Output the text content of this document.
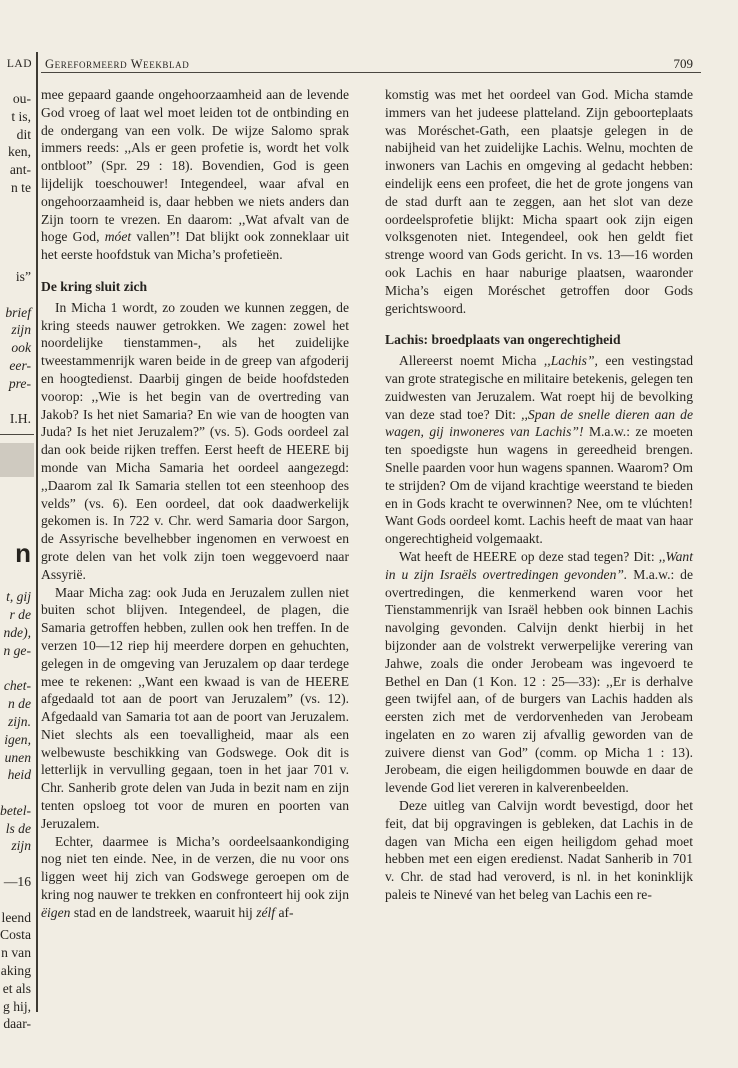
LAD
ou-
t is,
dit
ken,
ant-
n te
is”
brief
zijn
ook
eer-
pre-
I.H.
n
t, gij
r de
nde),
n ge-
chet-
n de
zijn.
igen,
unen
heid
betel-
ls de
zijn
—16
leend
Costa
n van
aking
et als
g hij,
daar-
Gereformeerd Weekblad	709

mee gepaard gaande ongehoorzaamheid aan de levende God vroeg of laat wel moet leiden tot de ontbinding en de ondergang van een volk. De wijze Salomo sprak immers reeds: ,,Als er geen profetie is, wordt het volk ontbloot” (Spr. 29 : 18). Bovendien, God is geen lijdelijk toeschouwer! Integendeel, waar afval en ongehoorzaamheid is, daar hebben we niets anders dan Zijn toorn te vrezen. En daarom: ,,Wat afvalt van de hoge God, móet vallen”! Dat blijkt ook zonneklaar uit het eerste hoofdstuk van Micha’s profetieën.

De kring sluit zich

In Micha 1 wordt, zo zouden we kunnen zeggen, de kring steeds nauwer getrokken. We zagen: zowel het noordelijke tienstammen-, als het zuidelijke tweestammenrijk waren beide in de greep van afgoderij en hoogtedienst. Daarbij gingen de beide hoofdsteden voorop: ,,Wie is het begin van de overtreding van Jakob? Is het niet Samaria? En wie van de hoogten van Juda? Is het niet Jeruzalem?” (vs. 5). Gods oordeel zal dan ook beide rijken treffen. Eerst heeft de HEERE bij monde van Micha Samaria het oordeel aangezegd: ,,Daarom zal Ik Samaria stellen tot een steenhoop des velds” (vs. 6). Een oordeel, dat ook daadwerkelijk gekomen is. In 722 v. Chr. werd Samaria door Sargon, de Assyrische bevelhebber ingenomen en verwoest en grote delen van het volk zijn toen weggevoerd naar Assyrië.

Maar Micha zag: ook Juda en Jeruzalem zullen niet buiten schot blijven. Integendeel, de plagen, die Samaria getroffen hebben, zullen ook hen treffen. In de verzen 10—12 riep hij meerdere dorpen en gehuchten, gelegen in de omgeving van Jeruzalem op daar terdege mee te rekenen: ,,Want een kwaad is van de HEERE afgedaald tot aan de poort van Jeruzalem” (vs. 12). Afgedaald van Samaria tot aan de poort van Jeruzalem. Niet slechts als een toevalligheid, maar als een welbewuste beschikking van Godswege. Ook dit is letterlijk in vervulling gegaan, toen in het jaar 701 v. Chr. Sanherib grote delen van Juda in bezit nam en zijn tenten opsloeg tot voor de muren en poorten van Jeruzalem.

Echter, daarmee is Micha’s oordeelsaankondiging nog niet ten einde. Nee, in de verzen, die nu voor ons liggen weet hij zich van Godswege geroepen om de kring nog nauwer te trekken en confronteert hij ook zijn ëigen stad en de landstreek, waaruit hij zélf af-

komstig was met het oordeel van God. Micha stamde immers van het judeese platteland. Zijn geboorteplaats was Moréschet-Gath, een plaatsje gelegen in de nabijheid van het zuidelijke Lachis. Welnu, mochten de inwoners van Lachis en omgeving al gedacht hebben: eindelijk eens een profeet, die het de grote jongens van de stad durft aan te zeggen, aan het slot van deze oordeelsprofetie blijkt: Micha spaart ook zijn eigen volksgenoten niet. Integendeel, ook hen geldt fiet strenge woord van Gods gericht. In vs. 13—16 worden ook Lachis en haar naburige plaatsen, waaronder Micha’s eigen Moréschet getroffen door Gods gerichtswoord.

Lachis: broedplaats van ongerechtigheid

Allereerst noemt Micha ,,Lachis”, een vestingstad van grote strategische en militaire betekenis, gelegen ten zuidwesten van Jeruzalem. Wat roept hij de bevolking van deze stad toe? Dit: ,,Span de snelle dieren aan de wagen, gij inwoneres van Lachis”! M.a.w.: ze moeten ten spoedigste hun wagens in gereedheid brengen. Snelle paarden voor hun wagens spannen. Waarom? Om te strijden? Om de vijand krachtige weerstand te bieden en in Gods kracht te overwinnen? Nee, om te vlúchten! Want Gods oordeel komt. Lachis heeft de maat van haar ongerechtigheid volgemaakt.

Wat heeft de HEERE op deze stad tegen? Dit: ,,Want in u zijn Israëls overtredingen gevonden”. M.a.w.: de overtredingen, die kenmerkend waren voor het Tienstammenrijk van Israël hebben ook binnen Lachis navolging gevonden. Calvijn denkt hierbij in het bijzonder aan de volstrekt verwerpelijke verering van Jahwe, zoals die onder Jerobeam was ingevoerd te Bethel en Dan (1 Kon. 12 : 25—33): ,,Er is derhalve geen twijfel aan, of de burgers van Lachis hadden als eersten zich met de verdorvenheden van Jerobeam ingelaten en zo waren zij afvallig geworden van de zuivere dienst van God” (comm. op Micha 1 : 13). Jerobeam, die eigen heiligdommen bouwde en daar de levende God liet vereren in kalverenbeelden.

Deze uitleg van Calvijn wordt bevestigd, door het feit, dat bij opgravingen is gebleken, dat Lachis in de dagen van Micha een eigen heiligdom gehad moet hebben met een eigen eredienst. Nadat Sanherib in 701 v. Chr. de stad had veroverd, is nl. in het koninklijk paleis te Ninevé van het beleg van Lachis een re-
